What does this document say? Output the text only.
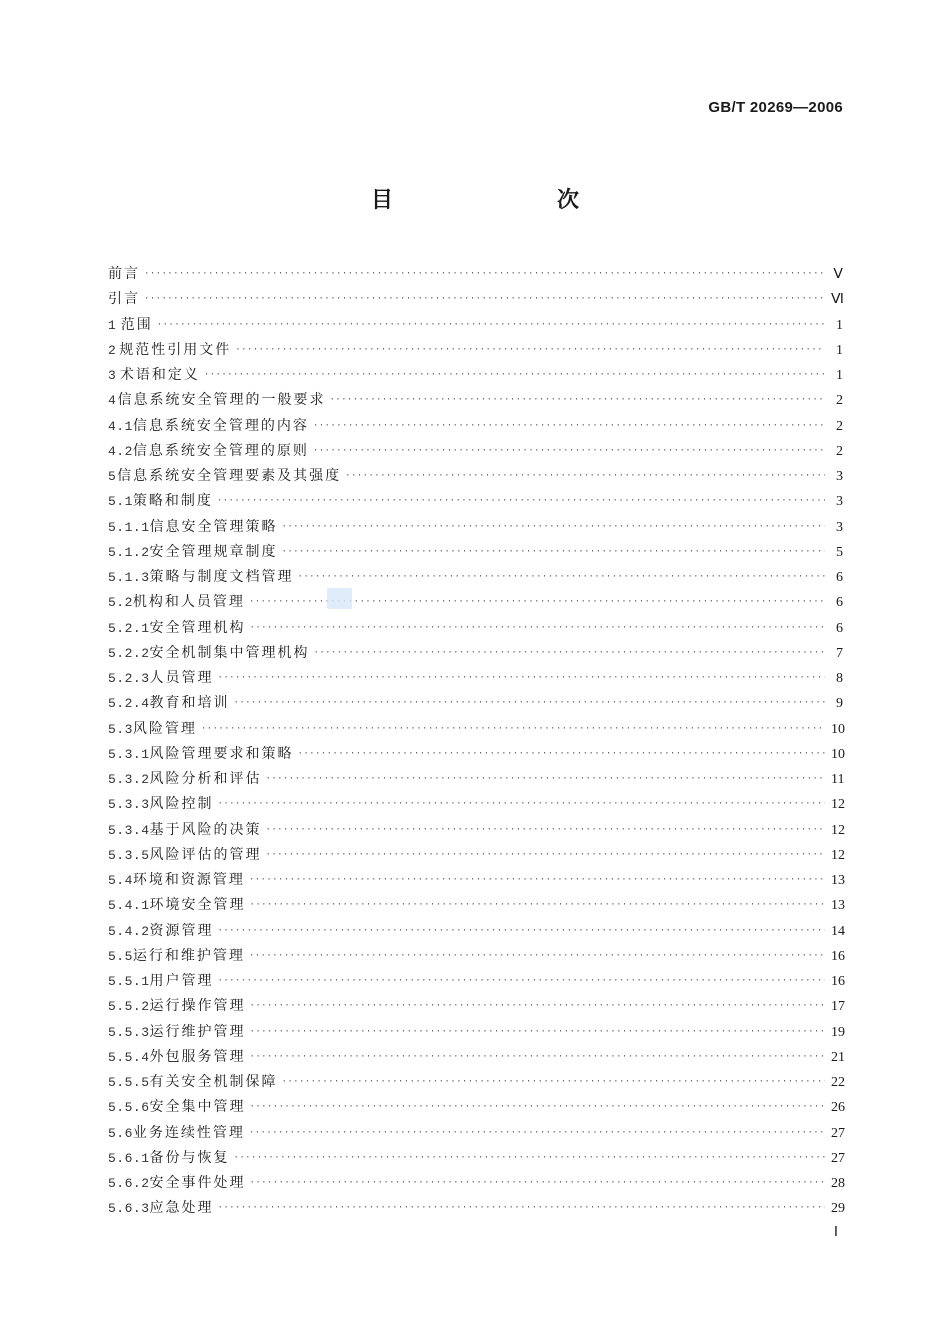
GB/T 20269—2006
目　　次
前言 ·····	Ⅴ
引言 ·····	Ⅵ
1 范围 ·····	1
2 规范性引用文件 ·····	1
3 术语和定义 ·····	1
4 信息系统安全管理的一般要求 ·····	2
4.1 信息系统安全管理的内容 ·····	2
4.2 信息系统安全管理的原则 ·····	2
5 信息系统安全管理要素及其强度 ·····	3
5.1 策略和制度 ·····	3
5.1.1 信息安全管理策略 ·····	3
5.1.2 安全管理规章制度 ·····	5
5.1.3 策略与制度文档管理 ·····	6
5.2 机构和人员管理 ·····	6
5.2.1 安全管理机构 ·····	6
5.2.2 安全机制集中管理机构 ·····	7
5.2.3 人员管理 ·····	8
5.2.4 教育和培训 ·····	9
5.3 风险管理 ·····	10
5.3.1 风险管理要求和策略 ·····	10
5.3.2 风险分析和评估 ·····	11
5.3.3 风险控制 ·····	12
5.3.4 基于风险的决策 ·····	12
5.3.5 风险评估的管理 ·····	12
5.4 环境和资源管理 ·····	13
5.4.1 环境安全管理 ·····	13
5.4.2 资源管理 ·····	14
5.5 运行和维护管理 ·····	16
5.5.1 用户管理 ·····	16
5.5.2 运行操作管理 ·····	17
5.5.3 运行维护管理 ·····	19
5.5.4 外包服务管理 ·····	21
5.5.5 有关安全机制保障 ·····	22
5.5.6 安全集中管理 ·····	26
5.6 业务连续性管理 ·····	27
5.6.1 备份与恢复 ·····	27
5.6.2 安全事件处理 ·····	28
5.6.3 应急处理 ·····	29
Ⅰ
